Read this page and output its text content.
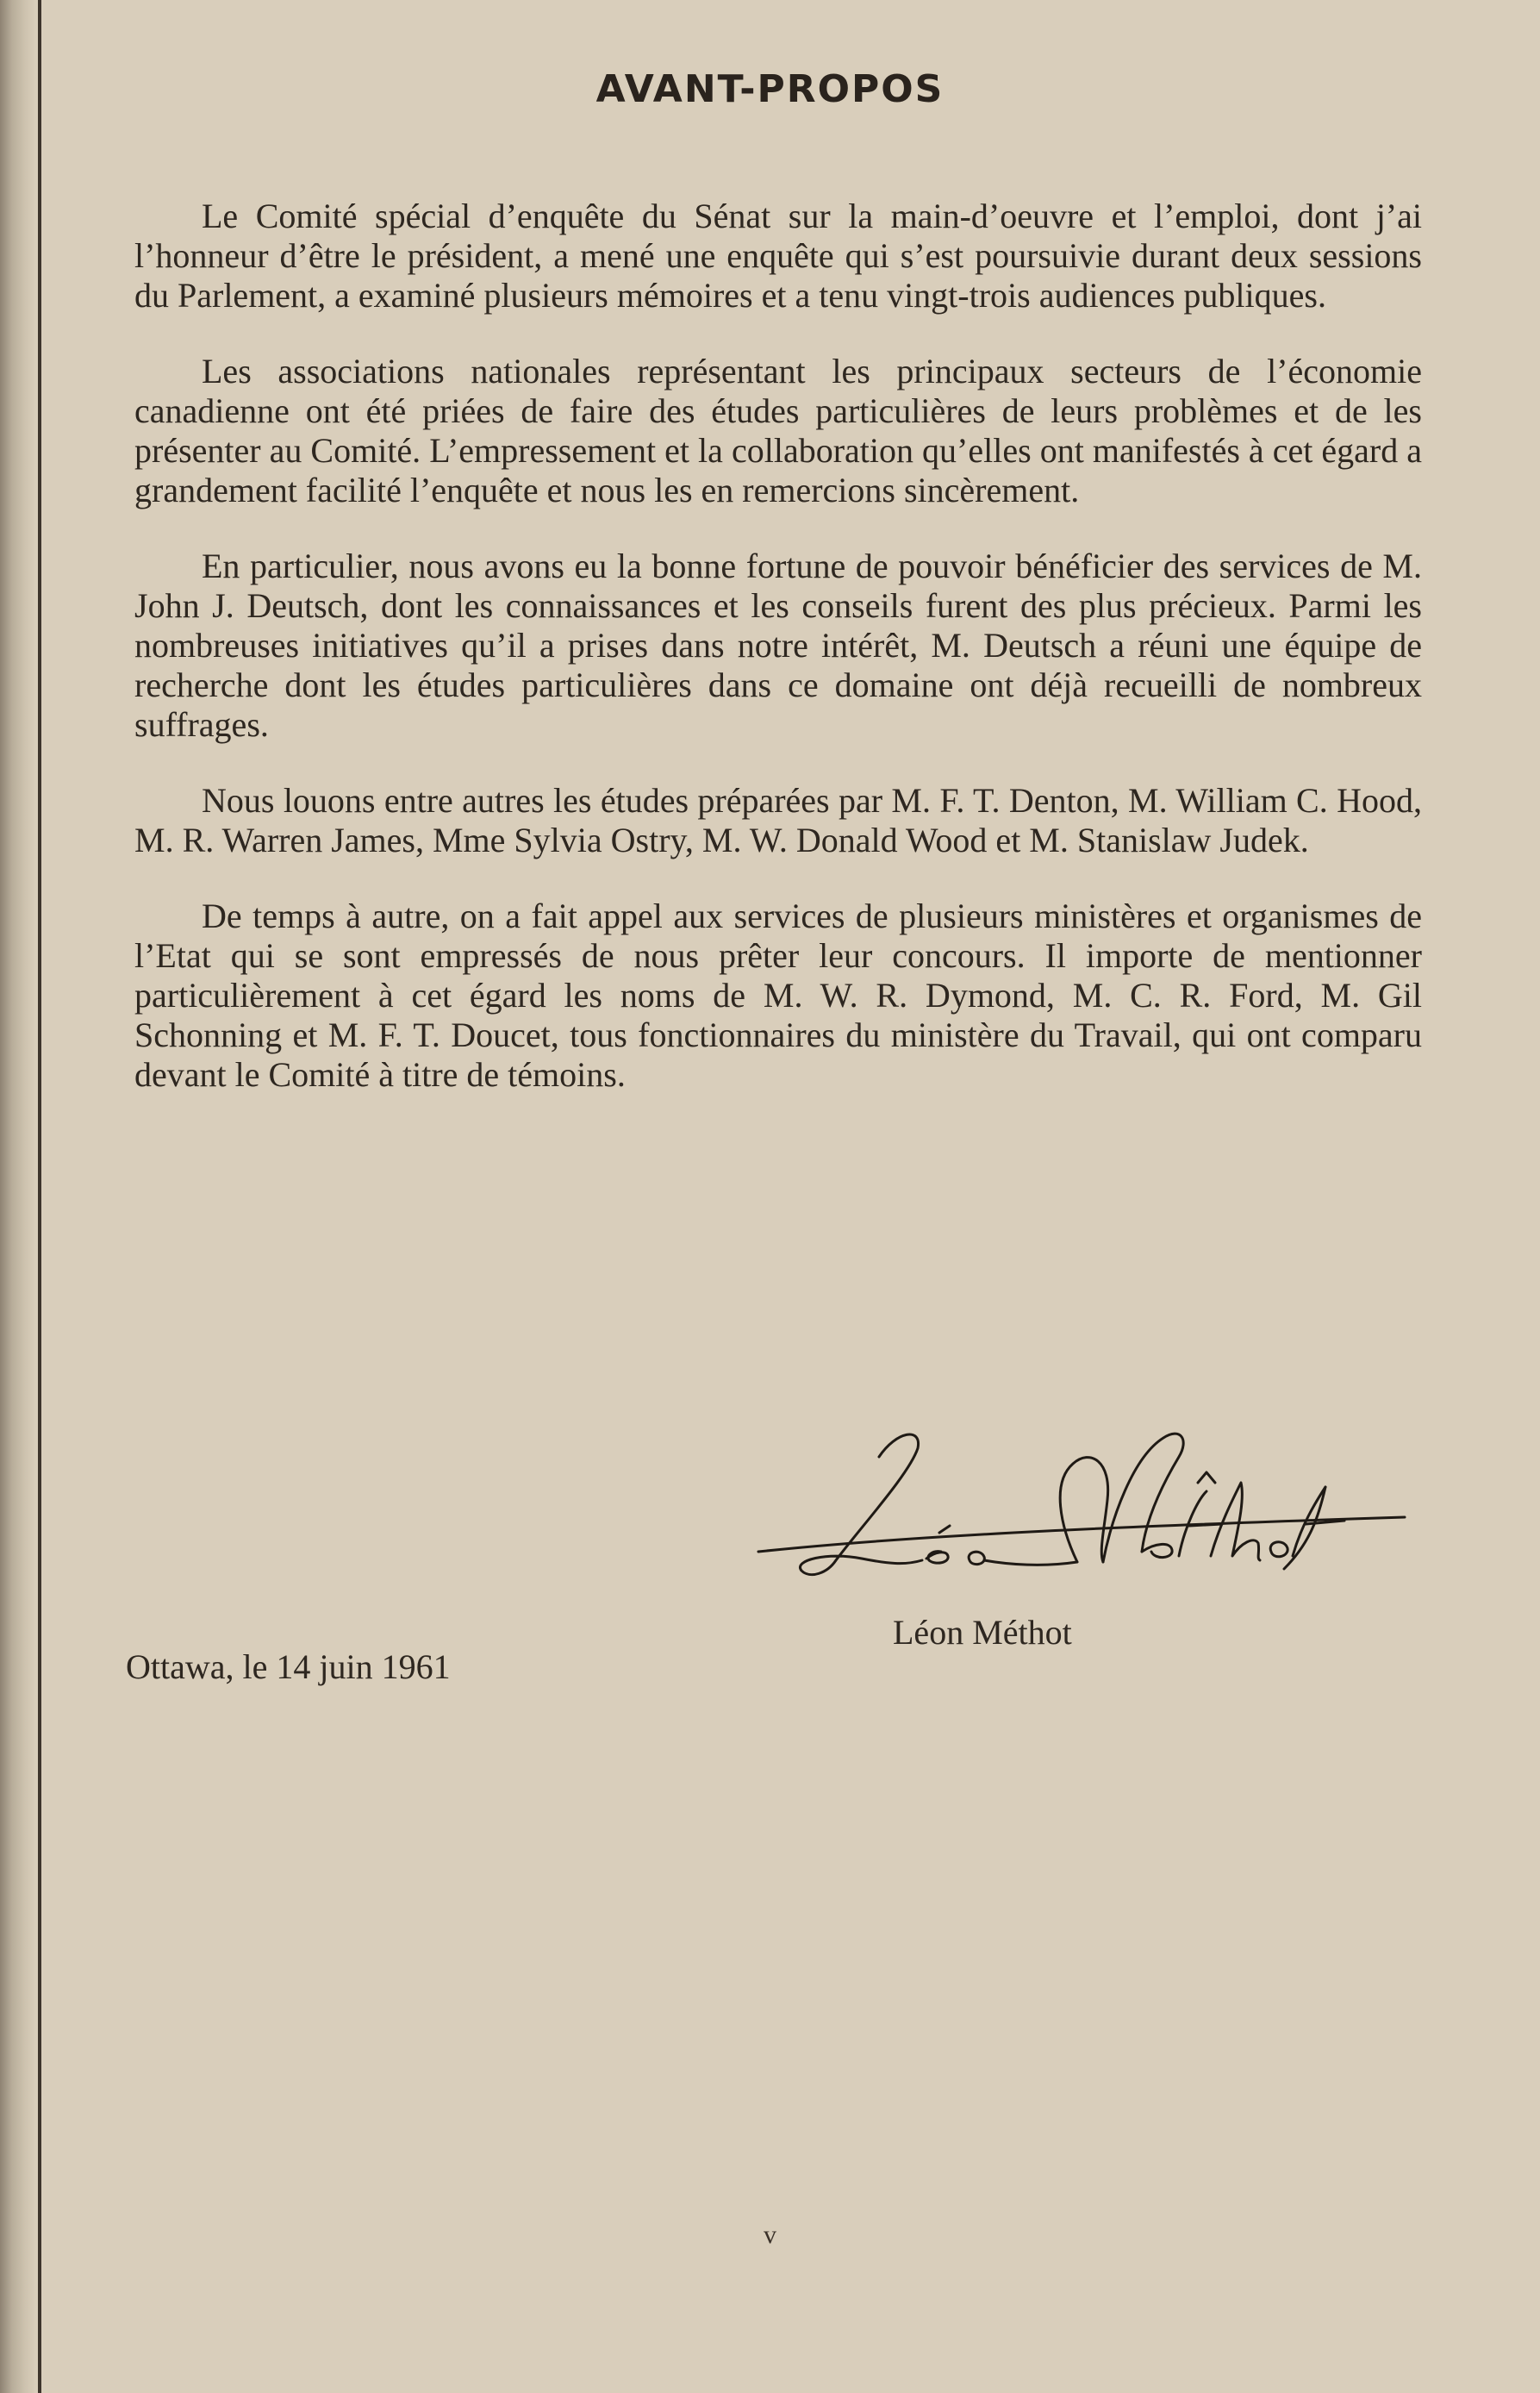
AVANT-PROPOS

Le Comité spécial d’enquête du Sénat sur la main-d’oeuvre et l’emploi, dont j’ai l’honneur d’être le président, a mené une enquête qui s’est poursuivie durant deux sessions du Parlement, a examiné plusieurs mémoires et a tenu vingt-trois audiences publiques.

Les associations nationales représentant les principaux secteurs de l’économie canadienne ont été priées de faire des études particulières de leurs problèmes et de les présenter au Comité. L’empressement et la collaboration qu’elles ont manifestés à cet égard a grandement facilité l’enquête et nous les en remercions sincèrement.

En particulier, nous avons eu la bonne fortune de pouvoir bénéficier des services de M. John J. Deutsch, dont les connaissances et les conseils furent des plus précieux. Parmi les nombreuses initiatives qu’il a prises dans notre intérêt, M. Deutsch a réuni une équipe de recherche dont les études particulières dans ce domaine ont déjà recueilli de nombreux suffrages.

Nous louons entre autres les études préparées par M. F. T. Denton, M. William C. Hood, M. R. Warren James, Mme Sylvia Ostry, M. W. Donald Wood et M. Stanislaw Judek.

De temps à autre, on a fait appel aux services de plusieurs ministères et organismes de l’Etat qui se sont empressés de nous prêter leur concours. Il importe de mentionner particulièrement à cet égard les noms de M. W. R. Dymond, M. C. R. Ford, M. Gil Schonning et M. F. T. Doucet, tous fonctionnaires du ministère du Travail, qui ont comparu devant le Comité à titre de témoins.

Léon Méthot
Ottawa, le 14 juin 1961
v
